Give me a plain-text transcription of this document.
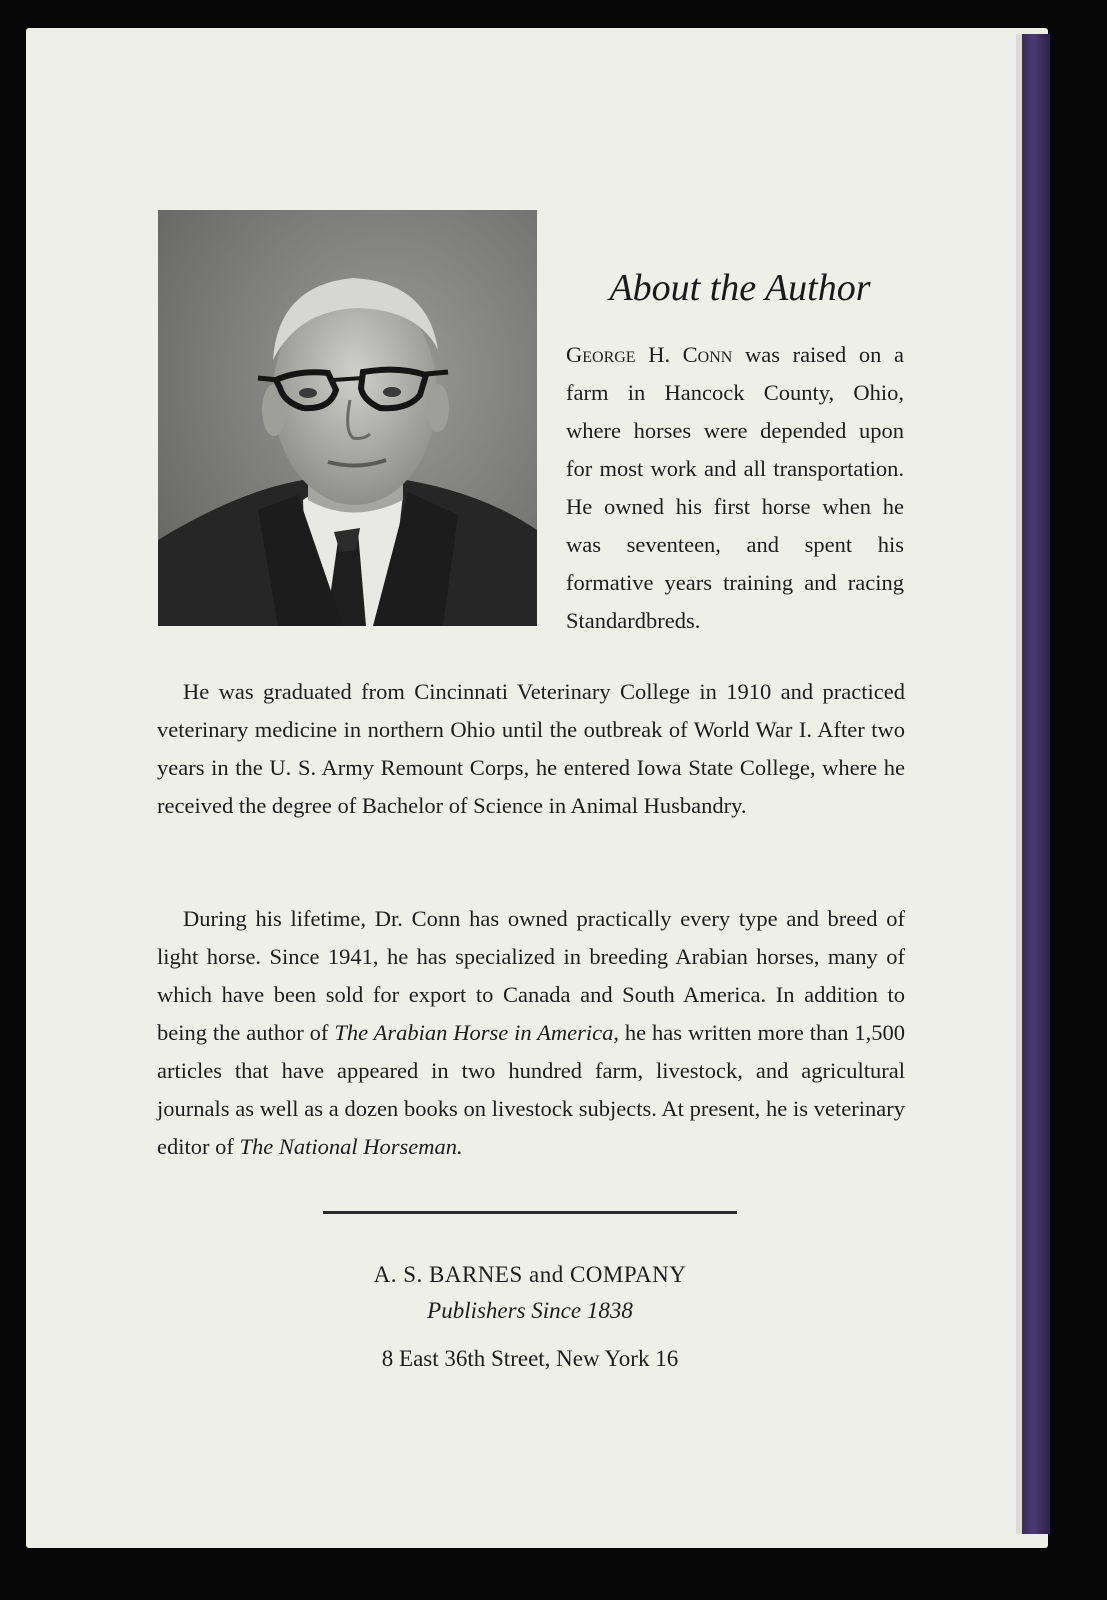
About the Author
George H. Conn was raised on a farm in Hancock County, Ohio, where horses were depended upon for most work and all transportation. He owned his first horse when he was seventeen, and spent his formative years training and racing Standardbreds.
He was graduated from Cincinnati Veterinary College in 1910 and practiced veterinary medicine in northern Ohio until the outbreak of World War I. After two years in the U. S. Army Remount Corps, he entered Iowa State College, where he received the degree of Bachelor of Science in Animal Husbandry.
During his lifetime, Dr. Conn has owned practically every type and breed of light horse. Since 1941, he has specialized in breeding Arabian horses, many of which have been sold for export to Canada and South America. In addition to being the author of The Arabian Horse in America, he has written more than 1,500 articles that have appeared in two hundred farm, livestock, and agricultural journals as well as a dozen books on livestock subjects. At present, he is veterinary editor of The National Horseman.
A. S. BARNES and COMPANY
Publishers Since 1838
8 East 36th Street, New York 16
